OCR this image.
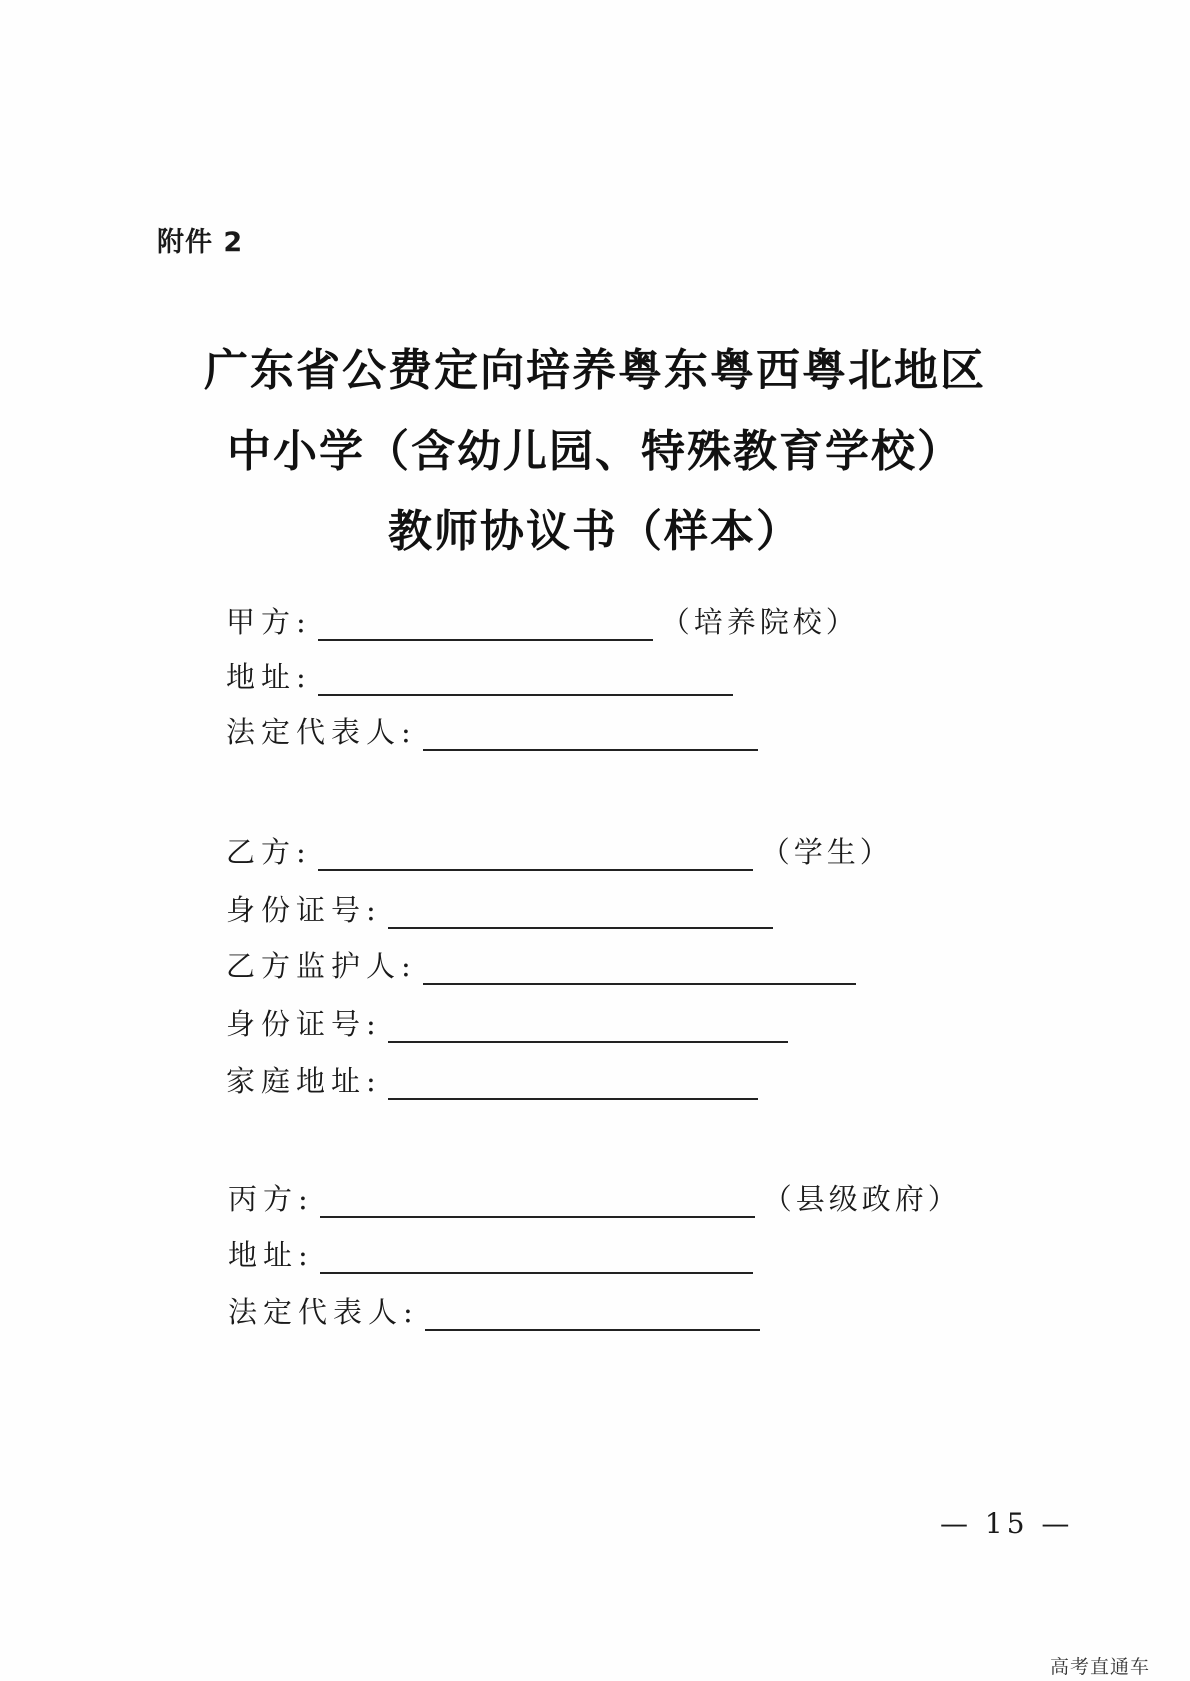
附件 2
广东省公费定向培养粤东粤西粤北地区
中小学（含幼儿园、特殊教育学校）
教师协议书（样本）
甲方:	（培养院校）
地址:
法定代表人:
乙方:	（学生）
身份证号:
乙方监护人:
身份证号:
家庭地址:
丙方:	（县级政府）
地址:
法定代表人:
— 15 —
高考直通车
